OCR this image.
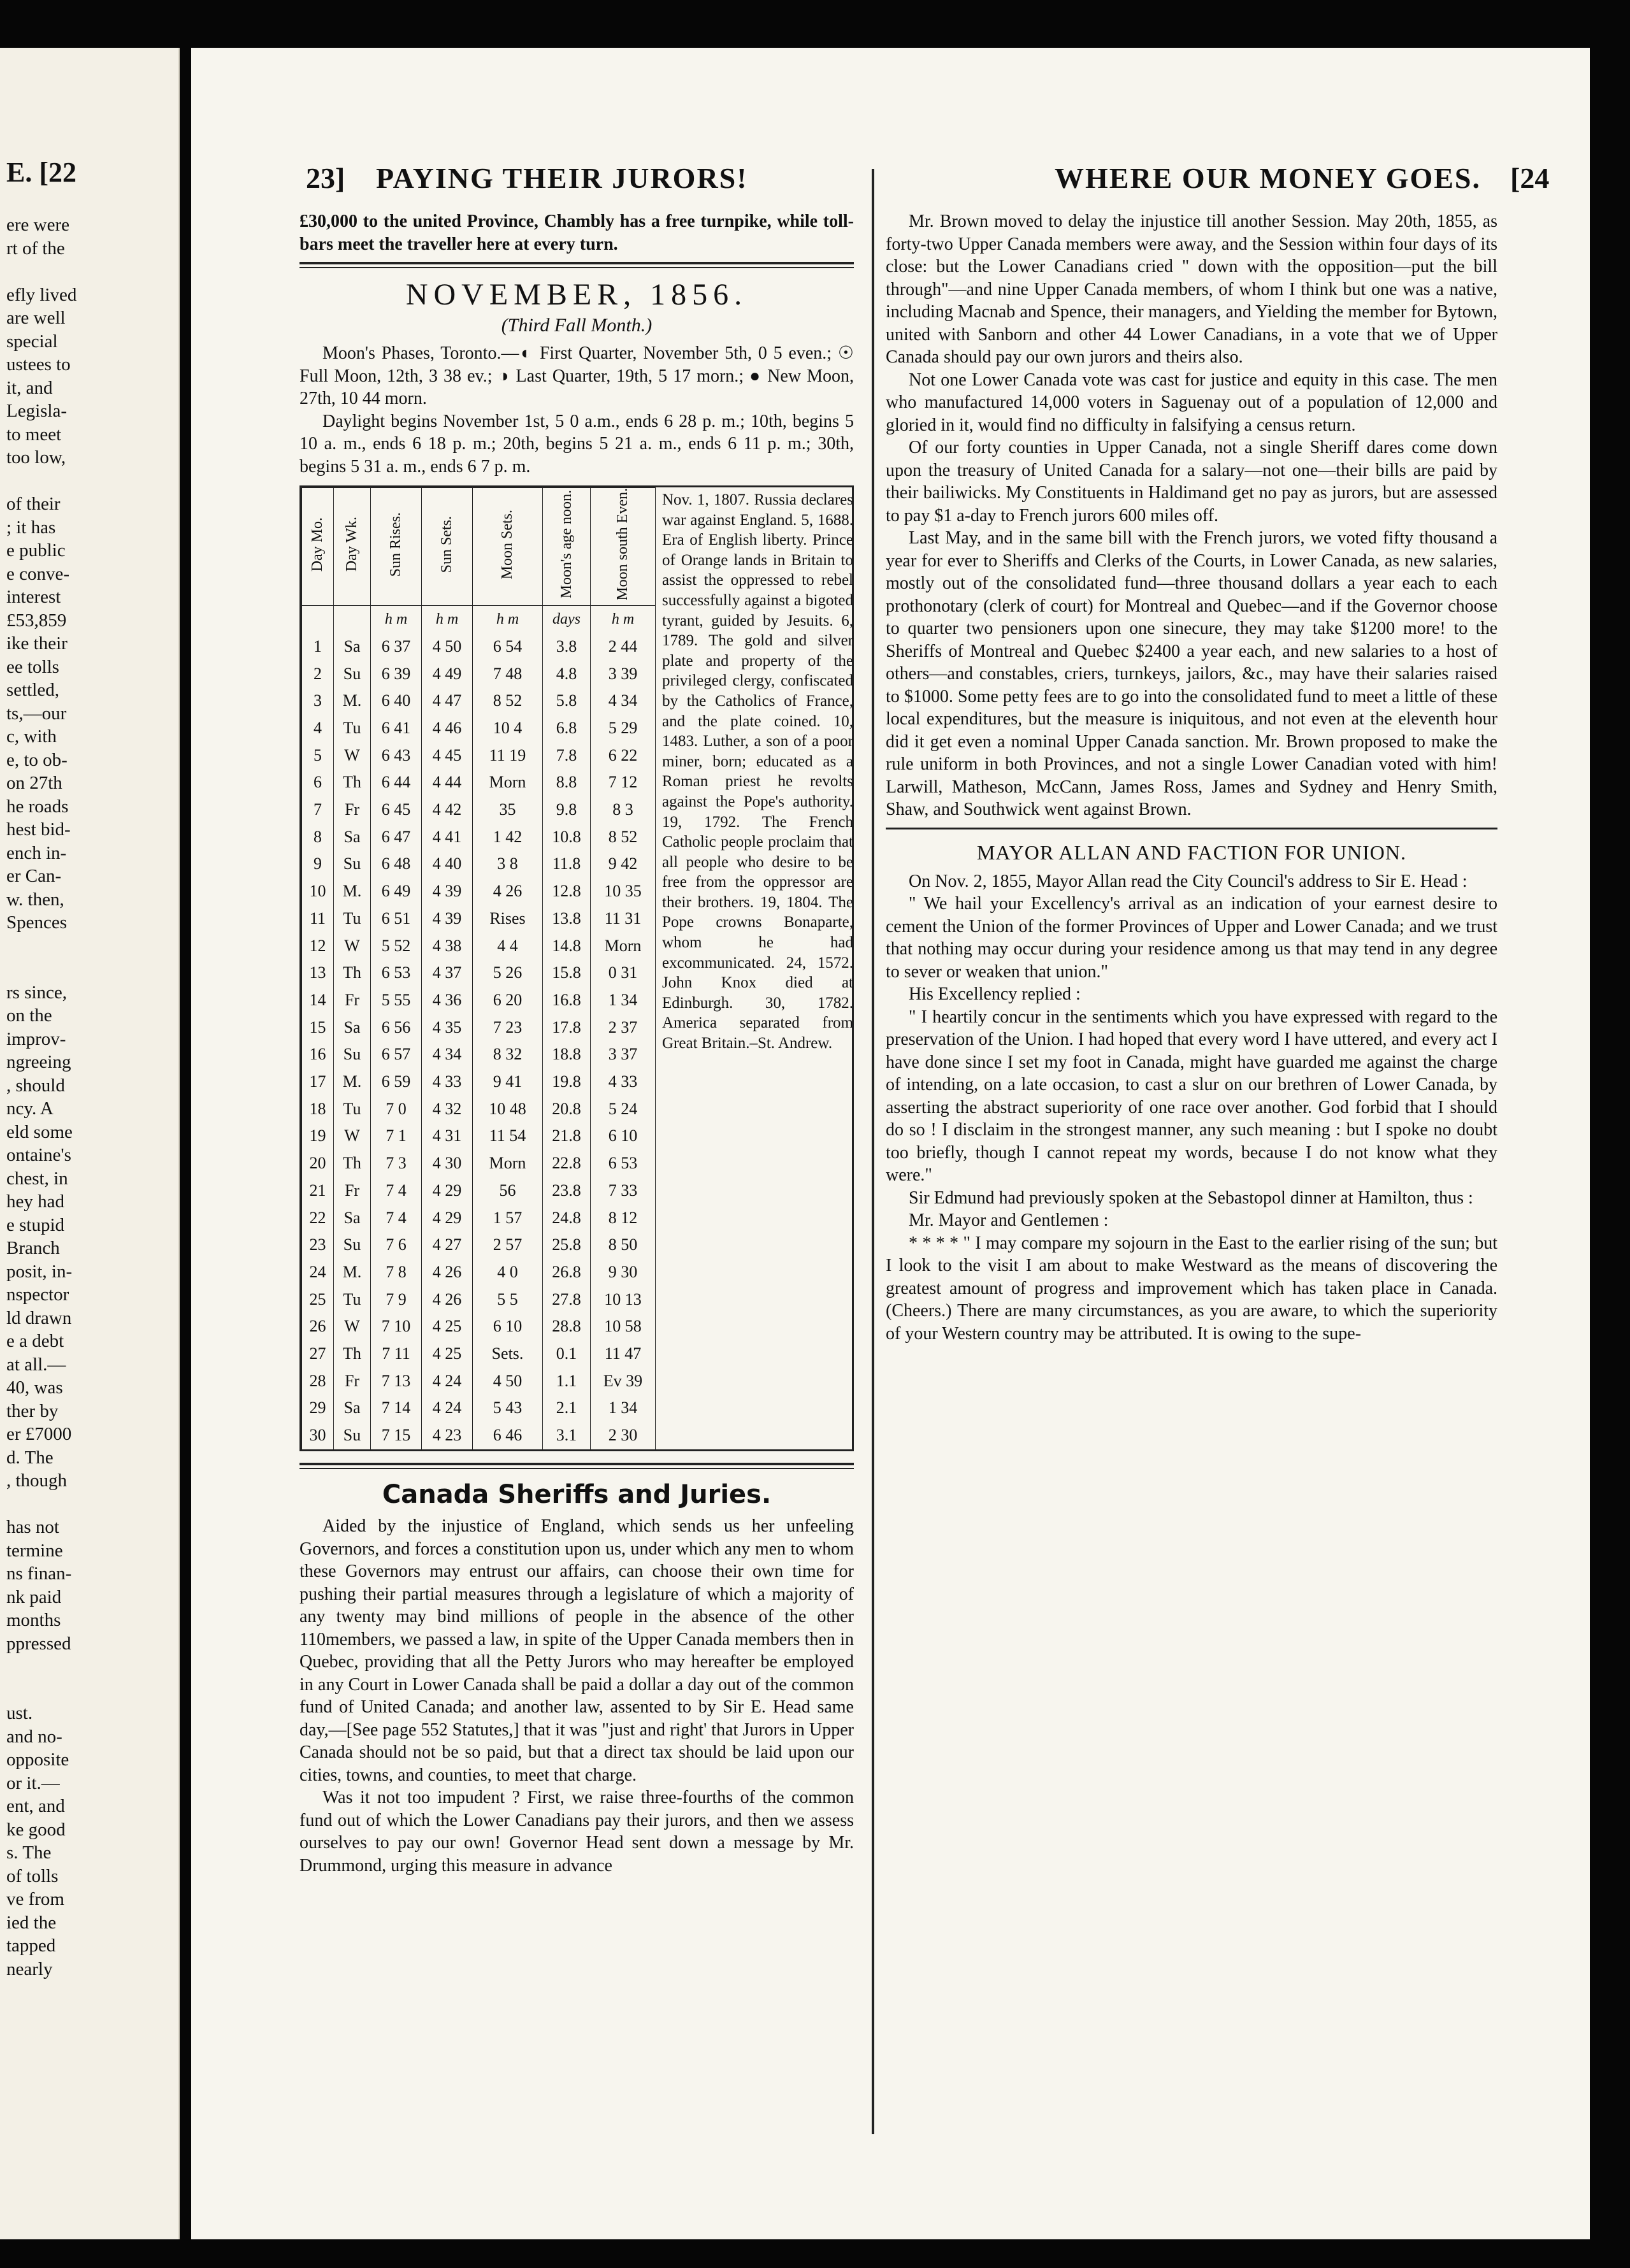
E. [22
ere were
rt of the
efly lived
are well
special
ustees to
it, and
Legisla-
to meet
too low,
of their
; it has
e public
e conve-
interest
£53,859
ike their
ee tolls
settled,
ts,—our
c, with
e, to ob-
on 27th
he roads
hest bid-
ench in-
er Can-
w. then,
Spences
rs since,
on the
improv-
ngreeing
, should
ncy. A
eld some
ontaine's
chest, in
hey had
e stupid
Branch
posit, in-
nspector
ld drawn
e a debt
at all.—
40, was
ther by
er £7000
d. The
, though
has not
termine
ns finan-
nk paid
months
ppressed
ust.
and no-
opposite
or it.—
ent, and
ke good
s. The
of tolls
ve from
ied the
tapped
nearly
23] PAYING THEIR JURORS!	WHERE OUR MONEY GOES. [24

£30,000 to the united Province, Chambly has a free turnpike, while toll-bars meet the traveller here at every turn.

NOVEMBER, 1856.
(Third Fall Month.)

Moon's Phases, Toronto.—◐ First Quarter, November 5th, 0 5 even.; ☉ Full Moon, 12th, 3 38 ev.; ◑ Last Quarter, 19th, 5 17 morn.; ● New Moon, 27th, 10 44 morn.

Daylight begins November 1st, 5 0 a.m., ends 6 28 p. m.; 10th, begins 5 10 a. m., ends 6 18 p. m.; 20th, begins 5 21 a. m., ends 6 11 p. m.; 30th, begins 5 31 a. m., ends 6 7 p. m.

Day Mo.	Day Wk.	Sun Rises.	Sun Sets.	Moon Sets.	Moon's age noon.	Moon south Even.
		h m	h m	h m	days	h m
1	Sa	6 37	4 50	6 54	3.8	2 44
2	Su	6 39	4 49	7 48	4.8	3 39
3	M.	6 40	4 47	8 52	5.8	4 34
4	Tu	6 41	4 46	10 4	6.8	5 29
5	W	6 43	4 45	11 19	7.8	6 22
6	Th	6 44	4 44	Morn	8.8	7 12
7	Fr	6 45	4 42	35	9.8	8 3
8	Sa	6 47	4 41	1 42	10.8	8 52
9	Su	6 48	4 40	3 8	11.8	9 42
10	M.	6 49	4 39	4 26	12.8	10 35
11	Tu	6 51	4 39	Rises	13.8	11 31
12	W	5 52	4 38	4 4	14.8	Morn
13	Th	6 53	4 37	5 26	15.8	0 31
14	Fr	5 55	4 36	6 20	16.8	1 34
15	Sa	6 56	4 35	7 23	17.8	2 37
16	Su	6 57	4 34	8 32	18.8	3 37
17	M.	6 59	4 33	9 41	19.8	4 33
18	Tu	7 0	4 32	10 48	20.8	5 24
19	W	7 1	4 31	11 54	21.8	6 10
20	Th	7 3	4 30	Morn	22.8	6 53
21	Fr	7 4	4 29	56	23.8	7 33
22	Sa	7 4	4 29	1 57	24.8	8 12
23	Su	7 6	4 27	2 57	25.8	8 50
24	M.	7 8	4 26	4 0	26.8	9 30
25	Tu	7 9	4 26	5 5	27.8	10 13
26	W	7 10	4 25	6 10	28.8	10 58
27	Th	7 11	4 25	Sets.	0.1	11 47
28	Fr	7 13	4 24	4 50	1.1	Ev 39
29	Sa	7 14	4 24	5 43	2.1	1 34
30	Su	7 15	4 23	6 46	3.1	2 30
Nov. 1, 1807. Russia declares war against England. 5, 1688. Era of English liberty. Prince of Orange lands in Britain to assist the oppressed to rebel successfully against a bigoted tyrant, guided by Jesuits. 6, 1789. The gold and silver plate and property of the privileged clergy, confiscated by the Catholics of France, and the plate coined. 10, 1483. Luther, a son of a poor miner, born; educated as a Roman priest he revolts against the Pope's authority. 19, 1792. The French Catholic people proclaim that all people who desire to be free from the oppressor are their brothers. 19, 1804. The Pope crowns Bonaparte, whom he had excommunicated. 24, 1572. John Knox died at Edinburgh. 30, 1782. America separated from Great Britain.–St. Andrew.
Canada Sheriffs and Juries.

Aided by the injustice of England, which sends us her unfeeling Governors, and forces a constitution upon us, under which any men to whom these Governors may entrust our affairs, can choose their own time for pushing their partial measures through a legislature of which a majority of any twenty may bind millions of people in the absence of the other 110members, we passed a law, in spite of the Upper Canada members then in Quebec, providing that all the Petty Jurors who may hereafter be employed in any Court in Lower Canada shall be paid a dollar a day out of the common fund of United Canada; and another law, assented to by Sir E. Head same day,—[See page 552 Statutes,] that it was "just and right' that Jurors in Upper Canada should not be so paid, but that a direct tax should be laid upon our cities, towns, and counties, to meet that charge.

Was it not too impudent ? First, we raise three-fourths of the common fund out of which the Lower Canadians pay their jurors, and then we assess ourselves to pay our own! Governor Head sent down a message by Mr. Drummond, urging this measure in advance

Mr. Brown moved to delay the injustice till another Session. May 20th, 1855, as forty-two Upper Canada members were away, and the Session within four days of its close: but the Lower Canadians cried " down with the opposition—put the bill through"—and nine Upper Canada members, of whom I think but one was a native, including Macnab and Spence, their managers, and Yielding the member for Bytown, united with Sanborn and other 44 Lower Canadians, in a vote that we of Upper Canada should pay our own jurors and theirs also.

Not one Lower Canada vote was cast for justice and equity in this case. The men who manufactured 14,000 voters in Saguenay out of a population of 12,000 and gloried in it, would find no difficulty in falsifying a census return.

Of our forty counties in Upper Canada, not a single Sheriff dares come down upon the treasury of United Canada for a salary—not one—their bills are paid by their bailiwicks. My Constituents in Haldimand get no pay as jurors, but are assessed to pay $1 a-day to French jurors 600 miles off.

Last May, and in the same bill with the French jurors, we voted fifty thousand a year for ever to Sheriffs and Clerks of the Courts, in Lower Canada, as new salaries, mostly out of the consolidated fund—three thousand dollars a year each to each prothonotary (clerk of court) for Montreal and Quebec—and if the Governor choose to quarter two pensioners upon one sinecure, they may take $1200 more! to the Sheriffs of Montreal and Quebec $2400 a year each, and new salaries to a host of others—and constables, criers, turnkeys, jailors, &c., may have their salaries raised to $1000. Some petty fees are to go into the consolidated fund to meet a little of these local expenditures, but the measure is iniquitous, and not even at the eleventh hour did it get even a nominal Upper Canada sanction. Mr. Brown proposed to make the rule uniform in both Provinces, and not a single Lower Canadian voted with him! Larwill, Matheson, McCann, James Ross, James and Sydney and Henry Smith, Shaw, and Southwick went against Brown.

MAYOR ALLAN AND FACTION FOR UNION.

On Nov. 2, 1855, Mayor Allan read the City Council's address to Sir E. Head :

" We hail your Excellency's arrival as an indication of your earnest desire to cement the Union of the former Provinces of Upper and Lower Canada; and we trust that nothing may occur during your residence among us that may tend in any degree to sever or weaken that union."

His Excellency replied :

" I heartily concur in the sentiments which you have expressed with regard to the preservation of the Union. I had hoped that every word I have uttered, and every act I have done since I set my foot in Canada, might have guarded me against the charge of intending, on a late occasion, to cast a slur on our brethren of Lower Canada, by asserting the abstract superiority of one race over another. God forbid that I should do so ! I disclaim in the strongest manner, any such meaning : but I spoke no doubt too briefly, though I cannot repeat my words, because I do not know what they were."

Sir Edmund had previously spoken at the Sebastopol dinner at Hamilton, thus :

Mr. Mayor and Gentlemen :

* * * * " I may compare my sojourn in the East to the earlier rising of the sun; but I look to the visit I am about to make Westward as the means of discovering the greatest amount of progress and improvement which has taken place in Canada. (Cheers.) There are many circumstances, as you are aware, to which the superiority of your Western country may be attributed. It is owing to the supe-
